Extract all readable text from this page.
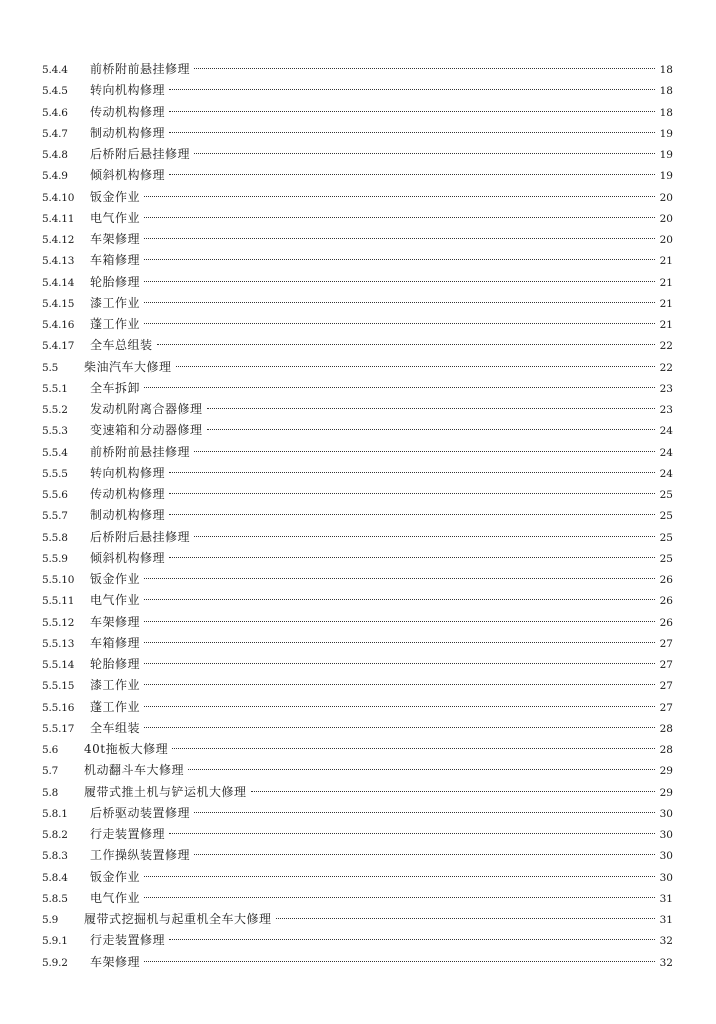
5.4.4	前桥附前悬挂修理	18
5.4.5	转向机构修理	18
5.4.6	传动机构修理	18
5.4.7	制动机构修理	19
5.4.8	后桥附后悬挂修理	19
5.4.9	倾斜机构修理	19
5.4.10	钣金作业	20
5.4.11	电气作业	20
5.4.12	车架修理	20
5.4.13	车箱修理	21
5.4.14	轮胎修理	21
5.4.15	漆工作业	21
5.4.16	蓬工作业	21
5.4.17	全车总组装	22
5.5	柴油汽车大修理	22
5.5.1	全车拆卸	23
5.5.2	发动机附离合器修理	23
5.5.3	变速箱和分动器修理	24
5.5.4	前桥附前悬挂修理	24
5.5.5	转向机构修理	24
5.5.6	传动机构修理	25
5.5.7	制动机构修理	25
5.5.8	后桥附后悬挂修理	25
5.5.9	倾斜机构修理	25
5.5.10	钣金作业	26
5.5.11	电气作业	26
5.5.12	车架修理	26
5.5.13	车箱修理	27
5.5.14	轮胎修理	27
5.5.15	漆工作业	27
5.5.16	蓬工作业	27
5.5.17	全车组装	28
5.6	40t拖板大修理	28
5.7	机动翻斗车大修理	29
5.8	履带式推土机与铲运机大修理	29
5.8.1	后桥驱动装置修理	30
5.8.2	行走装置修理	30
5.8.3	工作操纵装置修理	30
5.8.4	钣金作业	30
5.8.5	电气作业	31
5.9	履带式挖掘机与起重机全车大修理	31
5.9.1	行走装置修理	32
5.9.2	车架修理	32
